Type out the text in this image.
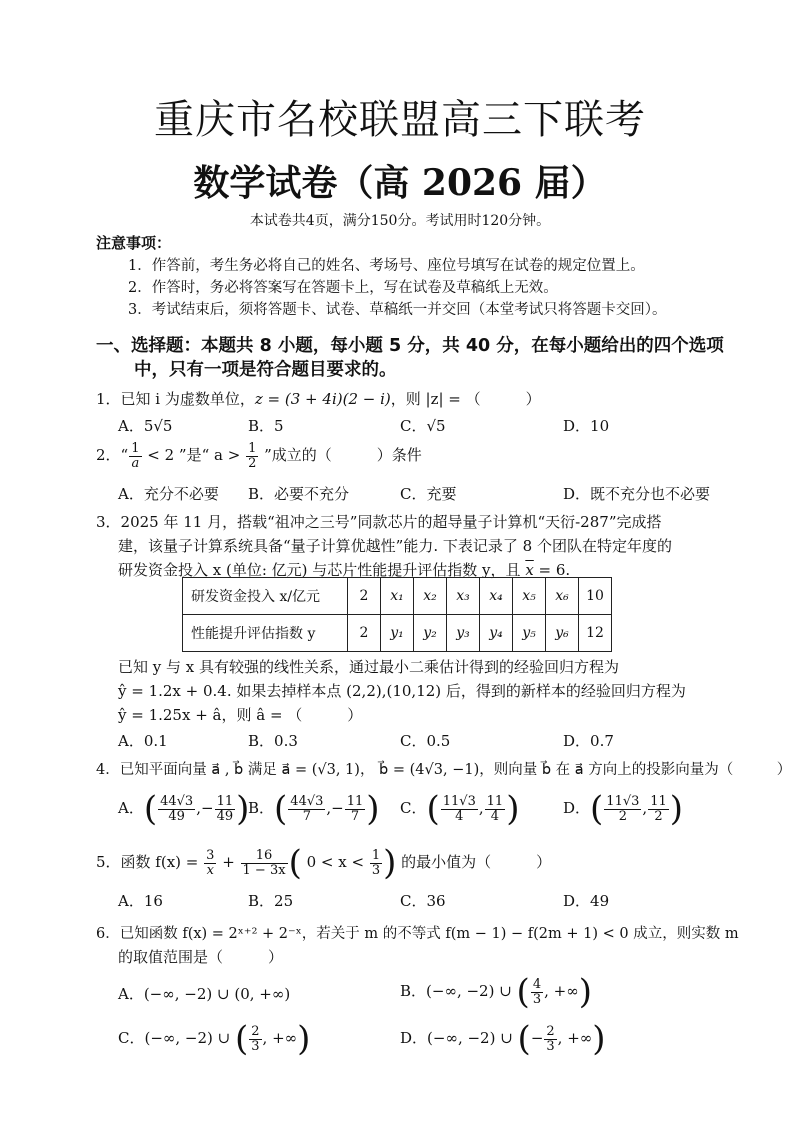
重庆市名校联盟高三下联考
数学试卷（高 2026 届）
本试卷共4页，满分150分。考试用时120分钟。
注意事项：
1．作答前，考生务必将自己的姓名、考场号、座位号填写在试卷的规定位置上。
2．作答时，务必将答案写在答题卡上，写在试卷及草稿纸上无效。
3．考试结束后，须将答题卡、试卷、草稿纸一并交回（本堂考试只将答题卡交回）。
一、选择题：本题共 8 小题，每小题 5 分，共 40 分，在每小题给出的四个选项
中，只有一项是符合题目要求的。
1．已知 i 为虚数单位，z = (3 + 4i)(2 − i)，则 |z| = （　　　）
A．5√5	B．5	C．√5	D．10
2．“ $\frac{1}{a} < 2$ ”是“ $a > \frac{1}{2}$ ”成立的（　　　）条件
A．充分不必要 B．必要不充分	C．充要	D．既不充分也不必要
3．2025 年 11 月，搭载“祖冲之三号”同款芯片的超导量子计算机“天衍-287”完成搭
建，该量子计算系统具备“量子计算优越性”能力. 下表记录了 8 个团队在特定年度的
研发资金投入 x (单位: 亿元) 与芯片性能提升评估指数 y，且 $\overline{x} = 6$.
研发资金投入 x/亿元	2	x₁	x₂	x₃	x₄	x₅	x₆	10
性能提升评估指数 y	2	y₁	y₂	y₃	y₄	y₅	y₆	12
已知 y 与 x 具有较强的线性关系，通过最小二乘估计得到的经验回归方程为
ŷ = 1.2x + 0.4. 如果去掉样本点 (2,2),(10,12) 后，得到的新样本的经验回归方程为
ŷ = 1.25x + â，则 â = （　　　）
A．0.1	B．0.3	C．0.5	D．0.7
4．已知平面向量 a⃗ , b⃗ 满足 a⃗ = (√3, 1)， b⃗ = (4√3, −1)，则向量 b⃗ 在 a⃗ 方向上的投影向量为（　　　）
A．( $\frac{44√3}{49}$ ,− $\frac{11}{49}$ )
B．( $\frac{44√3}{7}$ ,− $\frac{11}{7}$ ) C．( $\frac{11√3}{4}$ , $\frac{11}{4}$ )	D．( $\frac{11√3}{2}$ , $\frac{11}{2}$ )
5．函数 $f(x) = \frac{3}{x} + \frac{16}{1 - 3x}$ ( $0 < x < \frac{1}{3}$ ) 的最小值为（　　　）
A．16	B．25	C．36	D．49
6．已知函数 f(x) = 2ˣ⁺² + 2⁻ˣ，若关于 m 的不等式 f(m − 1) − f(2m + 1) < 0 成立，则实数 m
的取值范围是（　　　）
A．(−∞, −2) ∪ (0, +∞)	B．(−∞, −2) ∪ ( $\frac{4}{3}$ , +∞)
C．(−∞, −2) ∪ ( $\frac{2}{3}$ , +∞)	D．(−∞, −2) ∪ (− $\frac{2}{3}$ , +∞)
